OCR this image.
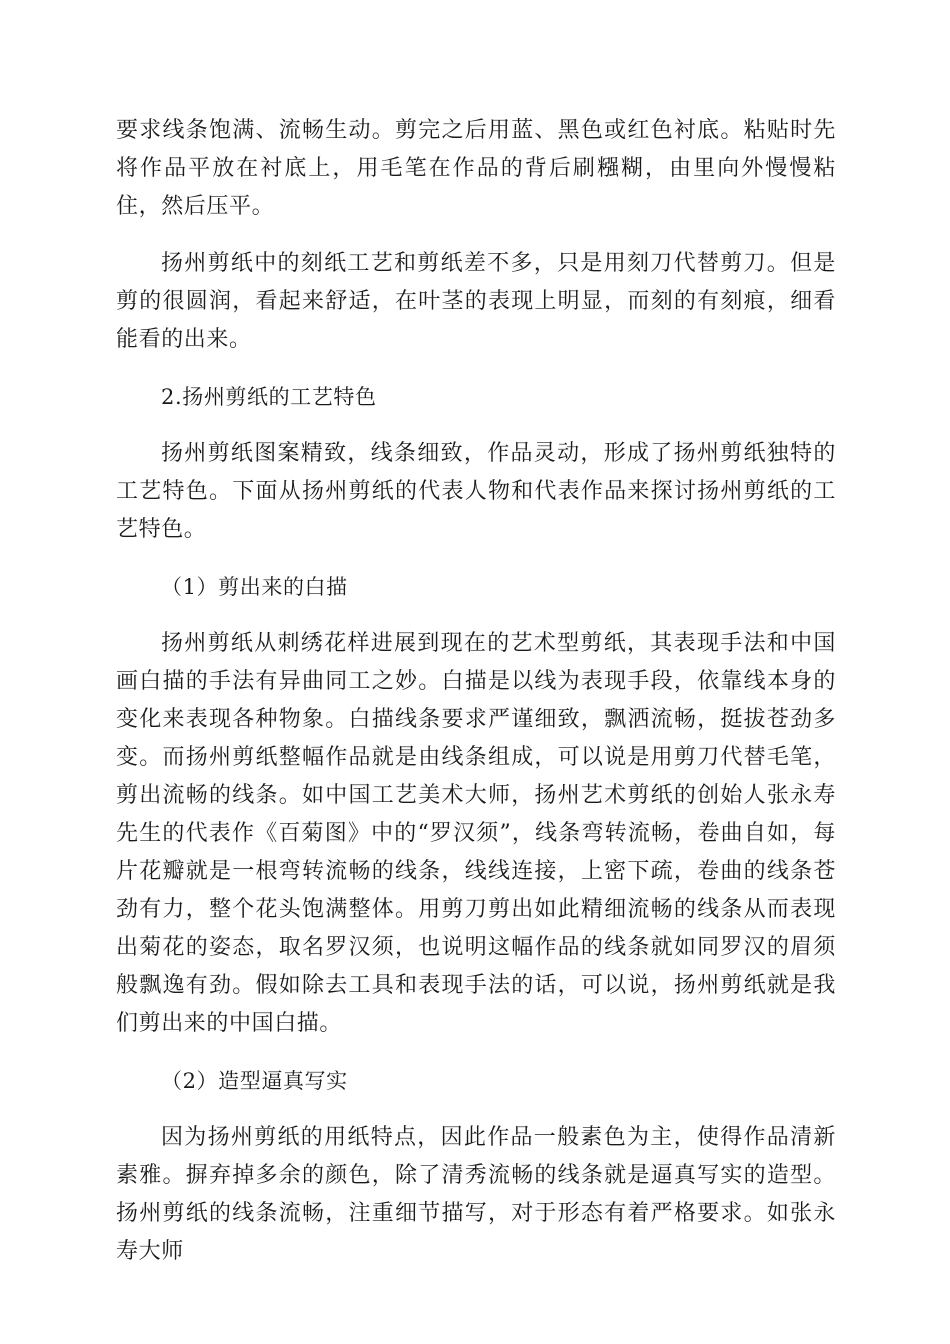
要求线条饱满、流畅生动。剪完之后用蓝、黑色或红色衬底。粘贴时先将作品平放在衬底上，用毛笔在作品的背后刷糨糊，由里向外慢慢粘住，然后压平。

扬州剪纸中的刻纸工艺和剪纸差不多，只是用刻刀代替剪刀。但是剪的很圆润，看起来舒适，在叶茎的表现上明显，而刻的有刻痕，细看能看的出来。

2.扬州剪纸的工艺特色

扬州剪纸图案精致，线条细致，作品灵动，形成了扬州剪纸独特的工艺特色。下面从扬州剪纸的代表人物和代表作品来探讨扬州剪纸的工艺特色。

（1）剪出来的白描

扬州剪纸从刺绣花样进展到现在的艺术型剪纸，其表现手法和中国画白描的手法有异曲同工之妙。白描是以线为表现手段，依靠线本身的变化来表现各种物象。白描线条要求严谨细致，飘洒流畅，挺拔苍劲多变。而扬州剪纸整幅作品就是由线条组成，可以说是用剪刀代替毛笔，剪出流畅的线条。如中国工艺美术大师，扬州艺术剪纸的创始人张永寿先生的代表作《百菊图》中的“罗汉须”，线条弯转流畅，卷曲自如，每片花瓣就是一根弯转流畅的线条，线线连接，上密下疏，卷曲的线条苍劲有力，整个花头饱满整体。用剪刀剪出如此精细流畅的线条从而表现出菊花的姿态，取名罗汉须，也说明这幅作品的线条就如同罗汉的眉须般飘逸有劲。假如除去工具和表现手法的话，可以说，扬州剪纸就是我们剪出来的中国白描。

（2）造型逼真写实

因为扬州剪纸的用纸特点，因此作品一般素色为主，使得作品清新素雅。摒弃掉多余的颜色，除了清秀流畅的线条就是逼真写实的造型。扬州剪纸的线条流畅，注重细节描写，对于形态有着严格要求。如张永寿大师
